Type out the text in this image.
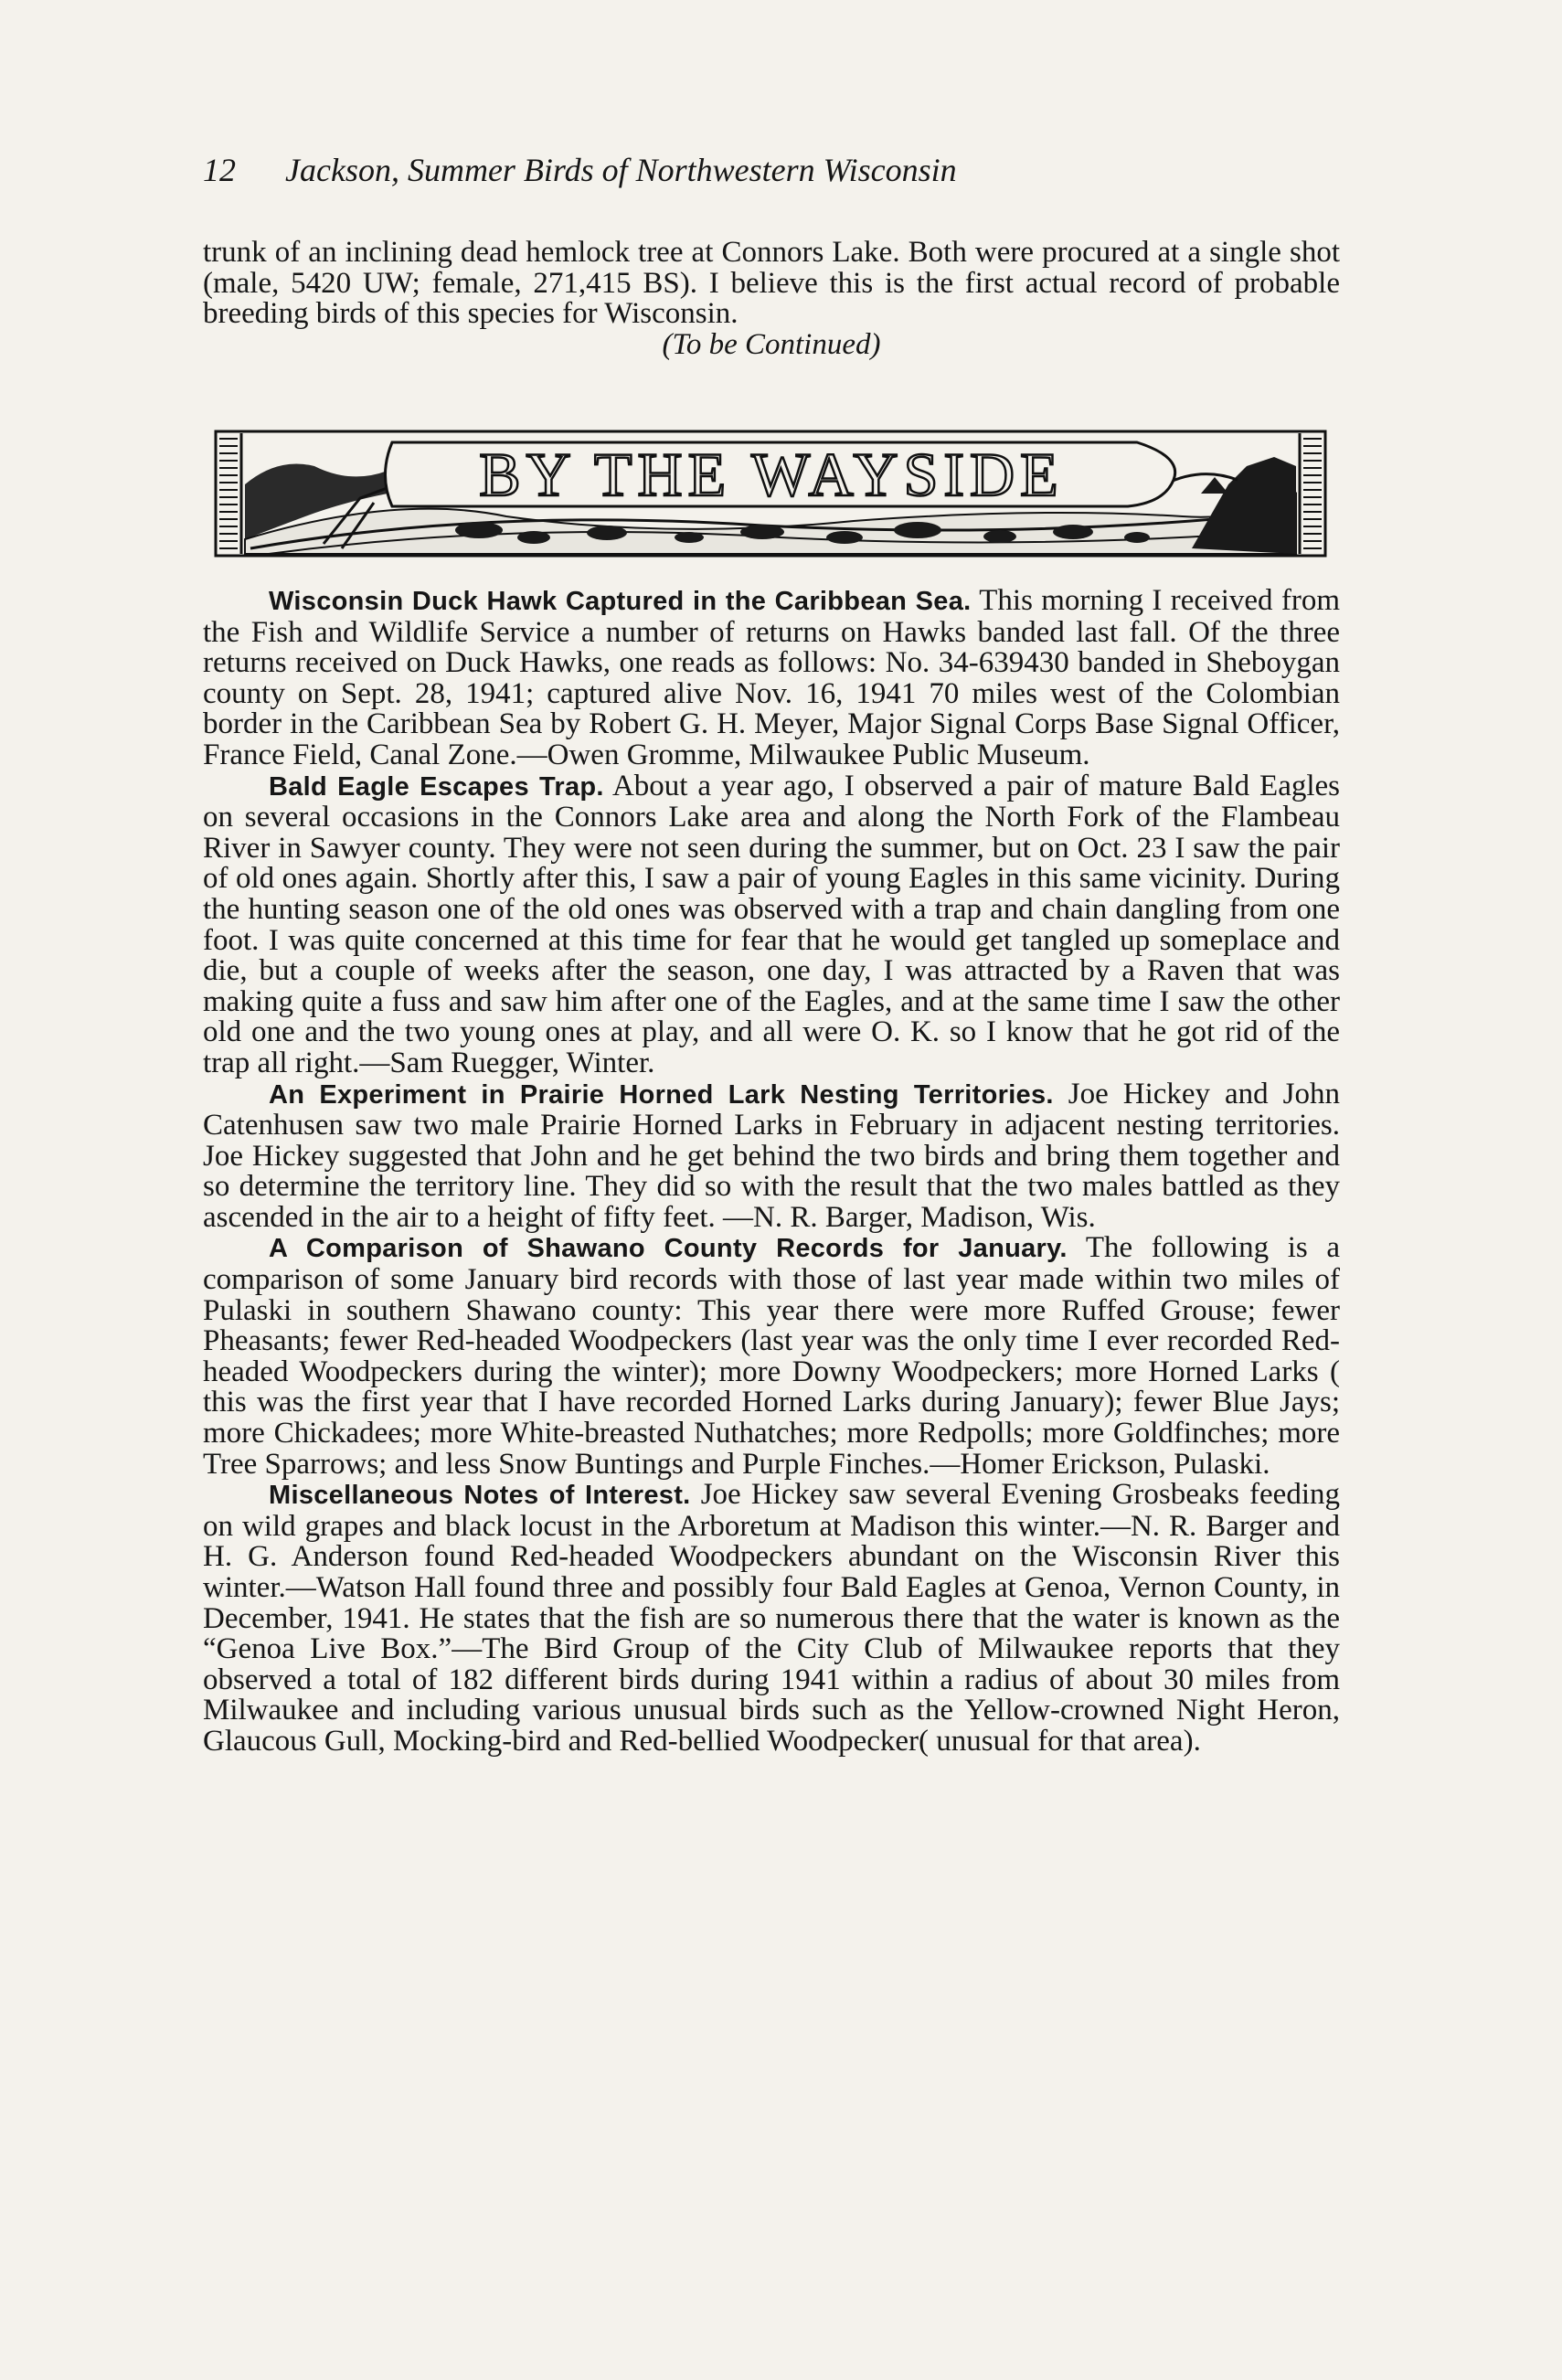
12 Jackson, Summer Birds of Northwestern Wisconsin

trunk of an inclining dead hemlock tree at Connors Lake. Both were procured at a single shot (male, 5420 UW; female, 271,415 BS). I believe this is the first actual record of probable breeding birds of this species for Wisconsin.

(To be Continued)

BY THE WAYSIDE

Wisconsin Duck Hawk Captured in the Caribbean Sea. This morning I received from the Fish and Wildlife Service a number of returns on Hawks banded last fall. Of the three returns received on Duck Hawks, one reads as follows: No. 34-639430 banded in Sheboygan county on Sept. 28, 1941; captured alive Nov. 16, 1941 70 miles west of the Colombian border in the Caribbean Sea by Robert G. H. Meyer, Major Signal Corps Base Signal Officer, France Field, Canal Zone.—Owen Gromme, Milwaukee Public Museum.

Bald Eagle Escapes Trap. About a year ago, I observed a pair of mature Bald Eagles on several occasions in the Connors Lake area and along the North Fork of the Flambeau River in Sawyer county. They were not seen during the summer, but on Oct. 23 I saw the pair of old ones again. Shortly after this, I saw a pair of young Eagles in this same vicinity. During the hunting season one of the old ones was observed with a trap and chain dangling from one foot. I was quite concerned at this time for fear that he would get tangled up someplace and die, but a couple of weeks after the season, one day, I was attracted by a Raven that was making quite a fuss and saw him after one of the Eagles, and at the same time I saw the other old one and the two young ones at play, and all were O. K. so I know that he got rid of the trap all right.—Sam Ruegger, Winter.

An Experiment in Prairie Horned Lark Nesting Territories. Joe Hickey and John Catenhusen saw two male Prairie Horned Larks in February in adjacent nesting territories. Joe Hickey suggested that John and he get behind the two birds and bring them together and so determine the territory line. They did so with the result that the two males battled as they ascended in the air to a height of fifty feet. —N. R. Barger, Madison, Wis.

A Comparison of Shawano County Records for January. The following is a comparison of some January bird records with those of last year made within two miles of Pulaski in southern Shawano county: This year there were more Ruffed Grouse; fewer Pheasants; fewer Red-headed Woodpeckers (last year was the only time I ever recorded Red-headed Woodpeckers during the winter); more Downy Woodpeckers; more Horned Larks ( this was the first year that I have recorded Horned Larks during January); fewer Blue Jays; more Chickadees; more White-breasted Nuthatches; more Redpolls; more Goldfinches; more Tree Sparrows; and less Snow Buntings and Purple Finches.—Homer Erickson, Pulaski.

Miscellaneous Notes of Interest. Joe Hickey saw several Evening Grosbeaks feeding on wild grapes and black locust in the Arboretum at Madison this winter.—N. R. Barger and H. G. Anderson found Red-headed Woodpeckers abundant on the Wisconsin River this winter.—Watson Hall found three and possibly four Bald Eagles at Genoa, Vernon County, in December, 1941. He states that the fish are so numerous there that the water is known as the “Genoa Live Box.”—The Bird Group of the City Club of Milwaukee reports that they observed a total of 182 different birds during 1941 within a radius of about 30 miles from Milwaukee and including various unusual birds such as the Yellow-crowned Night Heron, Glaucous Gull, Mocking-bird and Red-bellied Woodpecker( unusual for that area).
